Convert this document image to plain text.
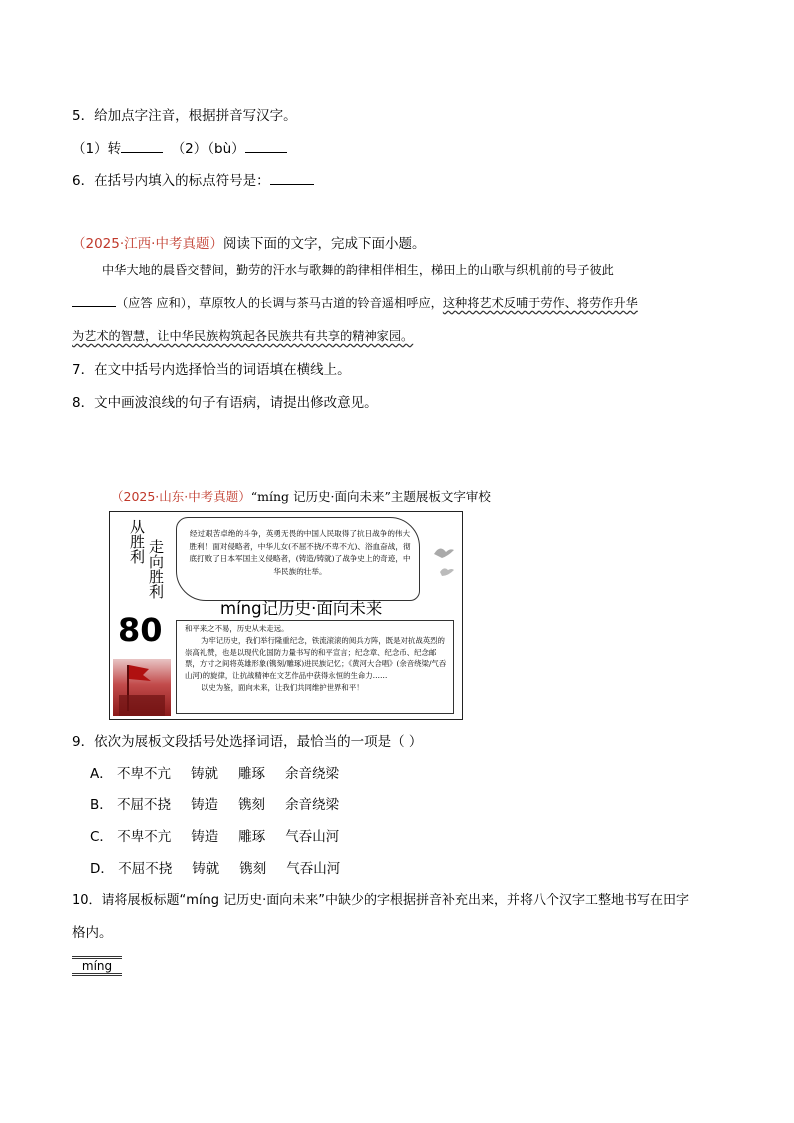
5．给加点字注音，根据拼音写汉字。
（1）转	（2）（bù）
6．在括号内填入的标点符号是：
（2025·江西·中考真题）阅读下面的文字，完成下面小题。
中华大地的晨昏交替间，勤劳的汗水与歌舞的韵律相伴相生，梯田上的山歌与织机前的号子彼此
（应答 应和），草原牧人的长调与茶马古道的铃音遥相呼应，这种将艺术反哺于劳作、将劳作升华
为艺术的智慧，让中华民族构筑起各民族共有共享的精神家园。
7．在文中括号内选择恰当的词语填在横线上。
8．文中画波浪线的句子有语病，请提出修改意见。
（2025·山东·中考真题）“míng 记历史·面向未来”主题展板文字审校
从胜利 走向胜利

经过艰苦卓绝的斗争，英勇无畏的中国人民取得了抗日战争的伟大胜利！面对侵略者，中华儿女(不屈不挠/不卑不亢)、浴血奋战，彻底打败了日本军国主义侵略者，(铸造/铸就)了战争史上的奇迹，中华民族的壮举。

míng记历史·面向未来
80	和平来之不易，历史从未走远。

为牢记历史，我们举行隆重纪念，铁流滚滚的阅兵方阵，既是对抗战英烈的崇高礼赞，也是以现代化国防力量书写的和平宣言；纪念章、纪念币、纪念邮票，方寸之间将英雄形象(镌刻/雕琢)进民族记忆；《黄河大合唱》(余音绕梁/气吞山河)的旋律，让抗战精神在文艺作品中获得永恒的生命力……

以史为鉴，面向未来，让我们共同维护世界和平！

9．依次为展板文段括号处选择词语，最恰当的一项是（ ）
A． 不卑不亢 铸就 雕琢 余音绕梁
B． 不屈不挠 铸造 镌刻 余音绕梁
C． 不卑不亢 铸造 雕琢 气吞山河
D． 不屈不挠 铸就 镌刻 气吞山河
10．请将展板标题“míng 记历史·面向未来”中缺少的字根据拼音补充出来，并将八个汉字工整地书写在田字
格内。
míng
